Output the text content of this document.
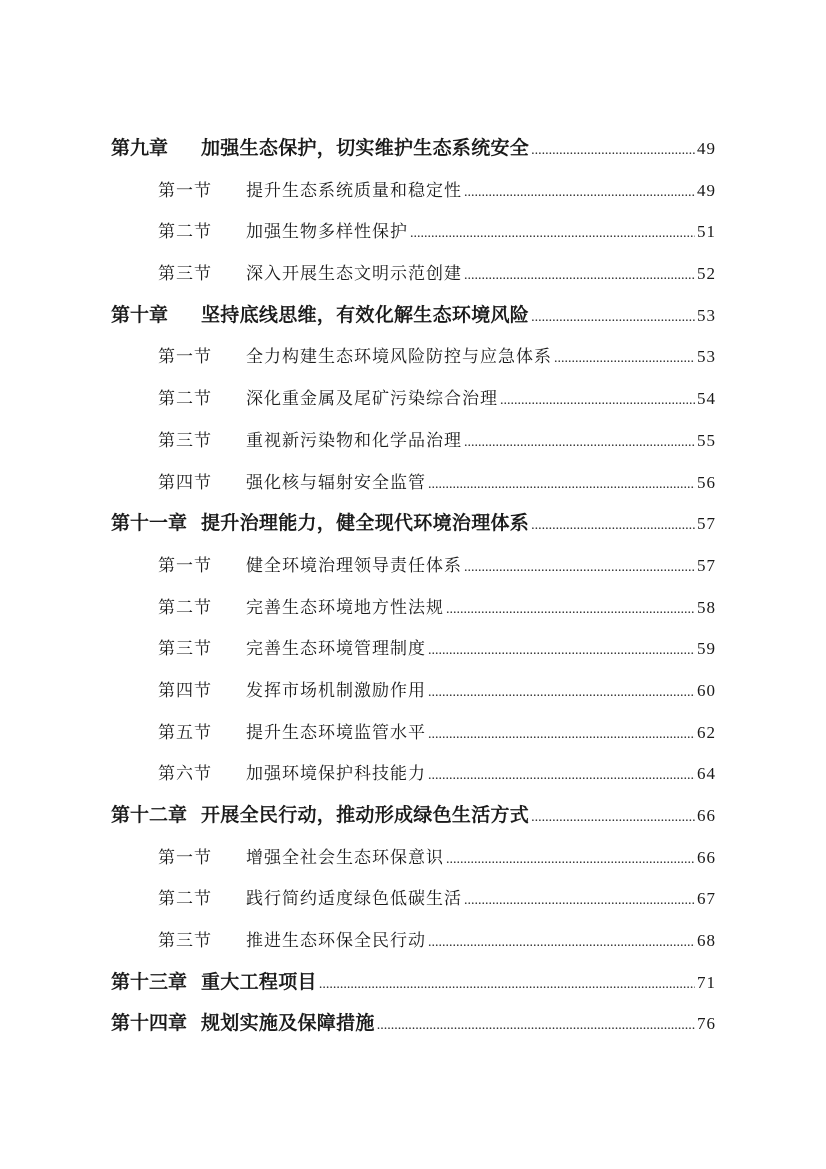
第九章	加强生态保护，切实维护生态系统安全 .....	49
第一节	提升生态系统质量和稳定性 .....	49
第二节	加强生物多样性保护 .....	51
第三节	深入开展生态文明示范创建 .....	52
第十章	坚持底线思维，有效化解生态环境风险 .....	53
第一节	全力构建生态环境风险防控与应急体系 .....	53
第二节	深化重金属及尾矿污染综合治理 .....	54
第三节	重视新污染物和化学品治理 .....	55
第四节	强化核与辐射安全监管 .....	56
第十一章 提升治理能力，健全现代环境治理体系 .....	57
第一节	健全环境治理领导责任体系 .....	57
第二节	完善生态环境地方性法规 .....	58
第三节	完善生态环境管理制度 .....	59
第四节	发挥市场机制激励作用 .....	60
第五节	提升生态环境监管水平 .....	62
第六节	加强环境保护科技能力 .....	64
第十二章 开展全民行动，推动形成绿色生活方式 .....	66
第一节	增强全社会生态环保意识 .....	66
第二节	践行简约适度绿色低碳生活 .....	67
第三节	推进生态环保全民行动 .....	68
第十三章 重大工程项目 .....	71
第十四章 规划实施及保障措施 .....	76
